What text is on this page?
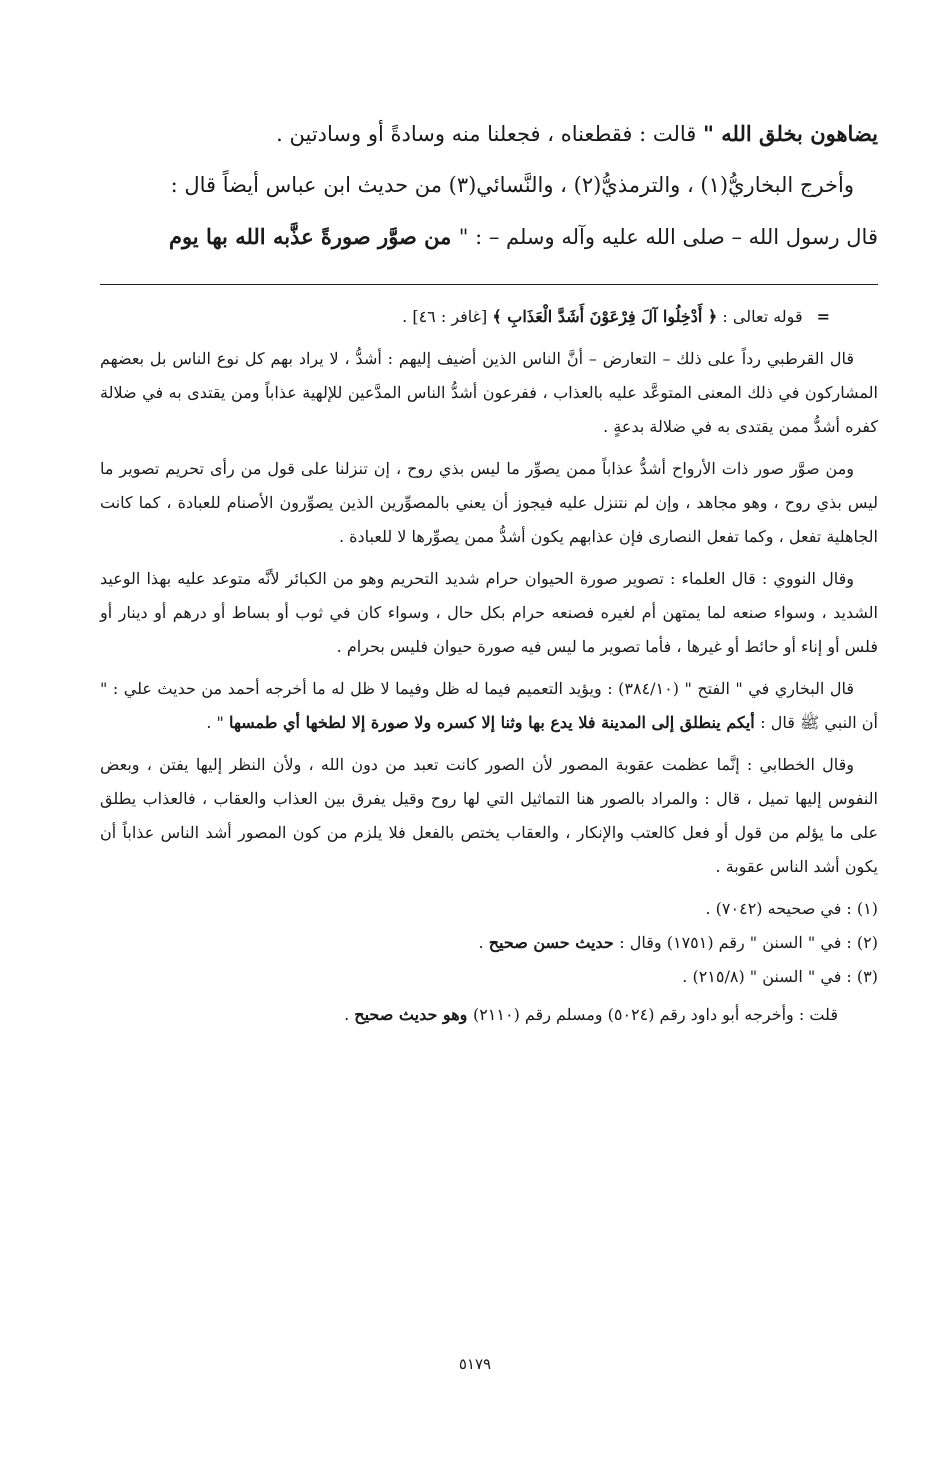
يضاهون بخلق الله " قالت : فقطعناه ، فجعلنا منه وسادةً أو وسادتين .

وأخرج البخاريُّ(١) ، والترمذيُّ(٢) ، والنَّسائي(٣) من حديث ابن عباس أيضاً قال :

قال رسول الله – صلى الله عليه وآله وسلم – : " من صوَّر صورةً عذَّبه الله بها يوم

=قوله تعالى : ﴿ أَدْخِلُوا آلَ فِرْعَوْنَ أَشَدَّ الْعَذَابِ ﴾ [غافر : ٤٦] .

قال القرطبي رداً على ذلك – التعارض – أنَّ الناس الذين أضيف إليهم : أشدُّ ، لا يراد بهم كل نوع الناس بل بعضهم المشاركون في ذلك المعنى المتوعَّد عليه بالعذاب ، ففرعون أشدُّ الناس المدَّعين للإلهية عذاباً ومن يقتدى به في ضلالة كفره أشدُّ ممن يقتدى به في ضلالة بدعةٍ .

ومن صوَّر صور ذات الأرواح أشدُّ عذاباً ممن يصوِّر ما ليس بذي روح ، إن تنزلنا على قول من رأى تحريم تصوير ما ليس بذي روح ، وهو مجاهد ، وإن لم نتنزل عليه فيجوز أن يعني بالمصوِّرين الذين يصوِّرون الأصنام للعبادة ، كما كانت الجاهلية تفعل ، وكما تفعل النصارى فإن عذابهم يكون أشدُّ ممن يصوِّرها لا للعبادة .

وقال النووي : قال العلماء : تصوير صورة الحيوان حرام شديد التحريم وهو من الكبائر لأنَّه متوعد عليه بهذا الوعيد الشديد ، وسواء صنعه لما يمتهن أم لغيره فصنعه حرام بكل حال ، وسواء كان في ثوب أو بساط أو درهم أو دينار أو فلس أو إناء أو حائط أو غيرها ، فأما تصوير ما ليس فيه صورة حيوان فليس بحرام .

قال البخاري في " الفتح " (٣٨٤/١٠) : ويؤيد التعميم فيما له ظل وفيما لا ظل له ما أخرجه أحمد من حديث علي : " أن النبي ﷺ قال : أيكم ينطلق إلى المدينة فلا يدع بها وثنا إلا كسره ولا صورة إلا لطخها أي طمسها " .

وقال الخطابي : إنَّما عظمت عقوبة المصور لأن الصور كانت تعبد من دون الله ، ولأن النظر إليها يفتن ، وبعض النفوس إليها تميل ، قال : والمراد بالصور هنا التماثيل التي لها روح وقيل يفرق بين العذاب والعقاب ، فالعذاب يطلق على ما يؤلم من قول أو فعل كالعتب والإنكار ، والعقاب يختص بالفعل فلا يلزم من كون المصور أشد الناس عذاباً أن يكون أشد الناس عقوبة .

(١) : في صحيحه (٧٠٤٢) .

(٢) : في " السنن " رقم (١٧٥١) وقال : حديث حسن صحيح .

(٣) : في " السنن " (٢١٥/٨) .

قلت : وأخرجه أبو داود رقم (٥٠٢٤) ومسلم رقم (٢١١٠) وهو حديث صحيح .

٥١٧٩
